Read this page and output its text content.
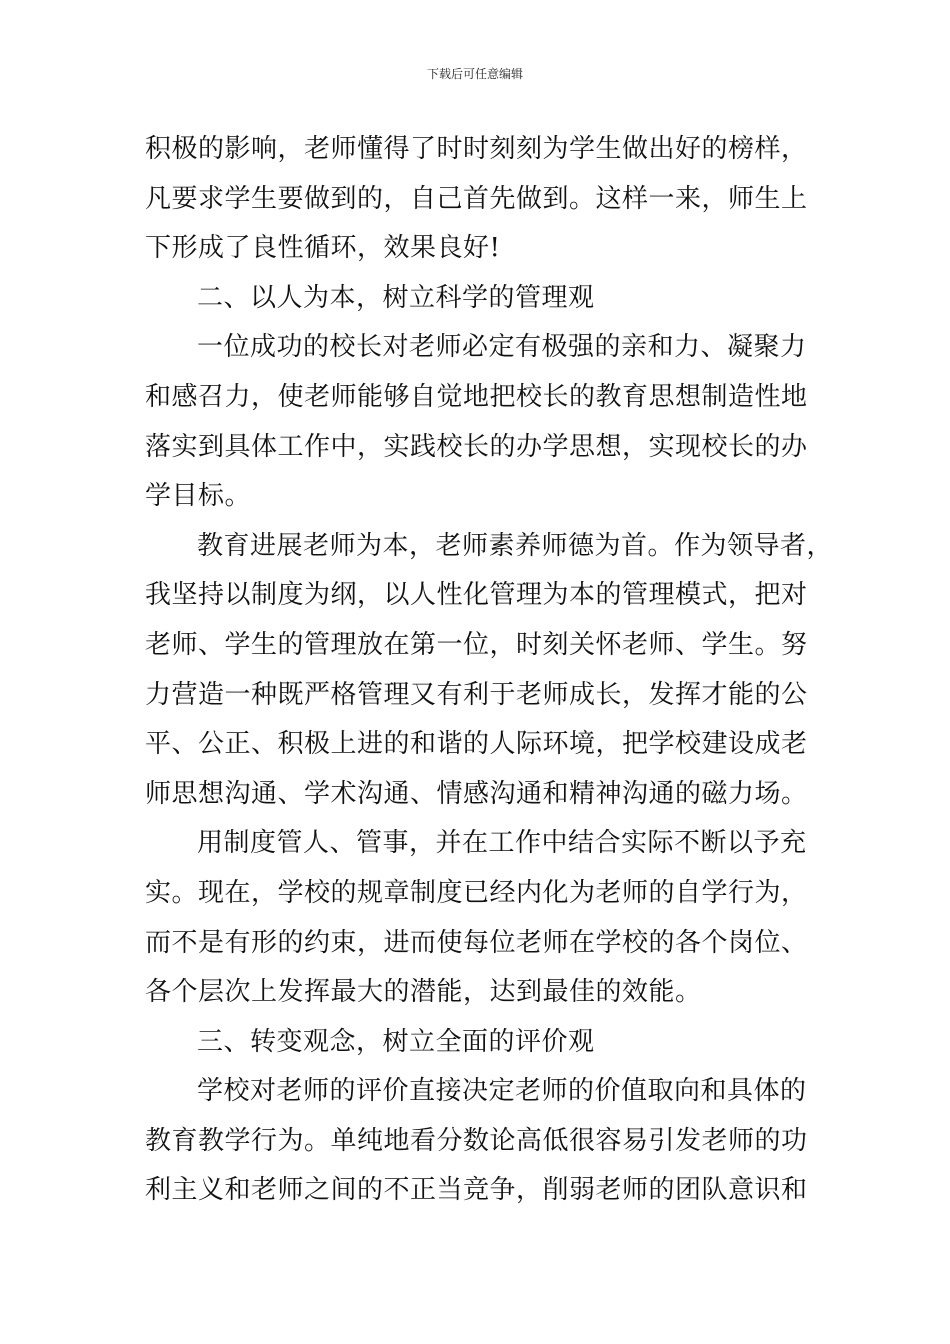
下载后可任意编辑

积极的影响，老师懂得了时时刻刻为学生做出好的榜样，
凡要求学生要做到的，自己首先做到。这样一来，师生上
下形成了良性循环，效果良好!

二、以人为本，树立科学的管理观

一位成功的校长对老师必定有极强的亲和力、凝聚力
和感召力，使老师能够自觉地把校长的教育思想制造性地
落实到具体工作中，实践校长的办学思想，实现校长的办
学目标。

教育进展老师为本，老师素养师德为首。作为领导者，
我坚持以制度为纲，以人性化管理为本的管理模式，把对
老师、学生的管理放在第一位，时刻关怀老师、学生。努
力营造一种既严格管理又有利于老师成长，发挥才能的公
平、公正、积极上进的和谐的人际环境，把学校建设成老
师思想沟通、学术沟通、情感沟通和精神沟通的磁力场。

用制度管人、管事，并在工作中结合实际不断以予充
实。现在，学校的规章制度已经内化为老师的自学行为，
而不是有形的约束，进而使每位老师在学校的各个岗位、
各个层次上发挥最大的潜能，达到最佳的效能。

三、转变观念，树立全面的评价观

学校对老师的评价直接决定老师的价值取向和具体的
教育教学行为。单纯地看分数论高低很容易引发老师的功
利主义和老师之间的不正当竞争，削弱老师的团队意识和
